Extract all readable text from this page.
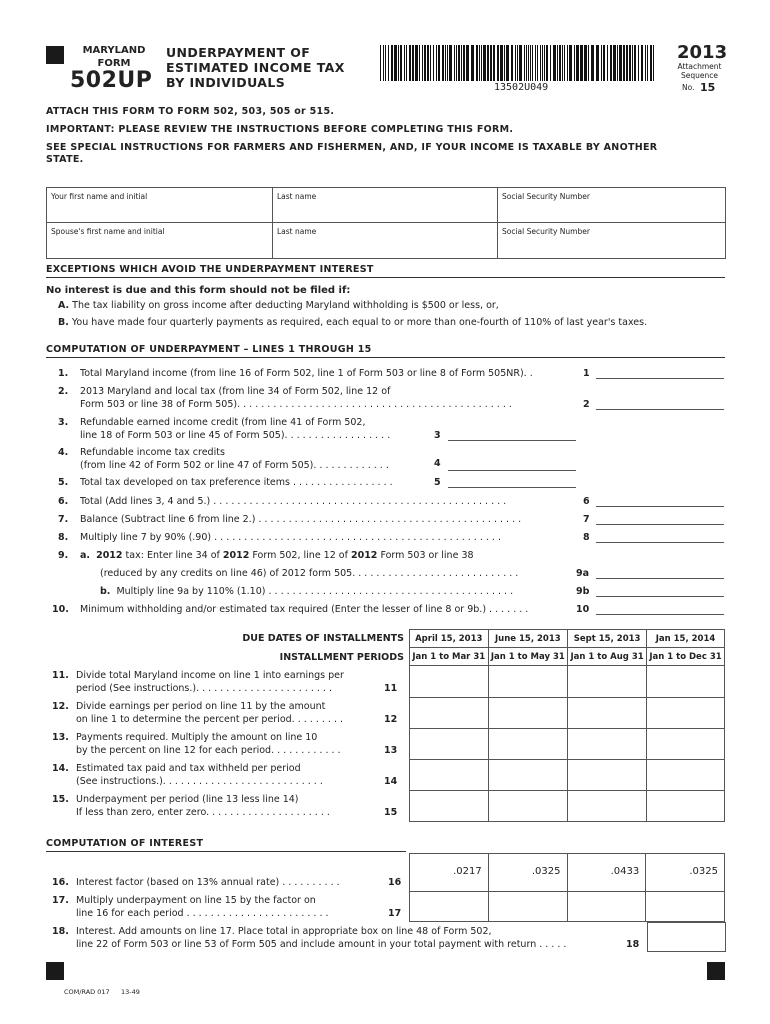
MARYLAND
FORM
502UP
UNDERPAYMENT OF
ESTIMATED INCOME TAX
BY INDIVIDUALS	13502U049
2013
Attachment
Sequence
No. 15
ATTACH THIS FORM TO FORM 502, 503, 505 or 515.
IMPORTANT: PLEASE REVIEW THE INSTRUCTIONS BEFORE COMPLETING THIS FORM.
SEE SPECIAL INSTRUCTIONS FOR FARMERS AND FISHERMEN, AND, IF YOUR INCOME IS TAXABLE BY ANOTHER
STATE.
Your first name and initial	Last name	Social Security Number
Spouse's first name and initial	Last name	Social Security Number
EXCEPTIONS WHICH AVOID THE UNDERPAYMENT INTEREST
No interest is due and this form should not be filed if:
A. The tax liability on gross income after deducting Maryland withholding is $500 or less, or,
B. You have made four quarterly payments as required, each equal to or more than one-fourth of 110% of last year's taxes.
COMPUTATION OF UNDERPAYMENT – LINES 1 THROUGH 15
1. Total Maryland income (from line 16 of Form 502, line 1 of Form 503 or line 8 of Form 505NR). .	1
2. 2013 Maryland and local tax (from line 34 of Form 502, line 12 of
Form 503 or line 38 of Form 505). . . . . . . . . . . . . . . . . . . . . . . . . . . . . . . . . . . . . . . . . . . . . .	2
3. Refundable earned income credit (from line 41 of Form 502,
line 18 of Form 503 or line 45 of Form 505). . . . . . . . . . . . . . . . . .	3
4. Refundable income tax credits
(from line 42 of Form 502 or line 47 of Form 505). . . . . . . . . . . . .	4
5. Total tax developed on tax preference items . . . . . . . . . . . . . . . . .	5
6. Total (Add lines 3, 4 and 5.) . . . . . . . . . . . . . . . . . . . . . . . . . . . . . . . . . . . . . . . . . . . . . . . . .	6
7. Balance (Subtract line 6 from line 2.) . . . . . . . . . . . . . . . . . . . . . . . . . . . . . . . . . . . . . . . . . . . .	7
8. Multiply line 7 by 90% (.90) . . . . . . . . . . . . . . . . . . . . . . . . . . . . . . . . . . . . . . . . . . . . . . . .	8
9. a. 2012 tax: Enter line 34 of 2012 Form 502, line 12 of 2012 Form 503 or line 38
(reduced by any credits on line 46) of 2012 form 505. . . . . . . . . . . . . . . . . . . . . . . . . . . .	9a
b. Multiply line 9a by 110% (1.10) . . . . . . . . . . . . . . . . . . . . . . . . . . . . . . . . . . . . . . . . .	9b
10. Minimum withholding and/or estimated tax required (Enter the lesser of line 8 or 9b.) . . . . . . .	10
DUE DATES OF INSTALLMENTS
INSTALLMENT PERIODS
April 15, 2013	June 15, 2013	Sept 15, 2013	Jan 15, 2014
Jan 1 to Mar 31	Jan 1 to May 31	Jan 1 to Aug 31	Jan 1 to Dec 31

11. Divide total Maryland income on line 1 into earnings per
period (See instructions.). . . . . . . . . . . . . . . . . . . . . . .	11
12. Divide earnings per period on line 11 by the amount
on line 1 to determine the percent per period. . . . . . . . .	12
13. Payments required. Multiply the amount on line 10
by the percent on line 12 for each period. . . . . . . . . . . .	13
14. Estimated tax paid and tax withheld per period
(See instructions.). . . . . . . . . . . . . . . . . . . . . . . . . . .	14
15. Underpayment per period (line 13 less line 14)
If less than zero, enter zero. . . . . . . . . . . . . . . . . . . . .	15
COMPUTATION OF INTEREST
.0217	.0325	.0433	.0325

16. Interest factor (based on 13% annual rate) . . . . . . . . . .	16
17. Multiply underpayment on line 15 by the factor on
line 16 for each period . . . . . . . . . . . . . . . . . . . . . . . .	17
18. Interest. Add amounts on line 17. Place total in appropriate box on line 48 of Form 502,
line 22 of Form 503 or line 53 of Form 505 and include amount in your total payment with return . . . . .	18
COM/RAD 017 13-49
